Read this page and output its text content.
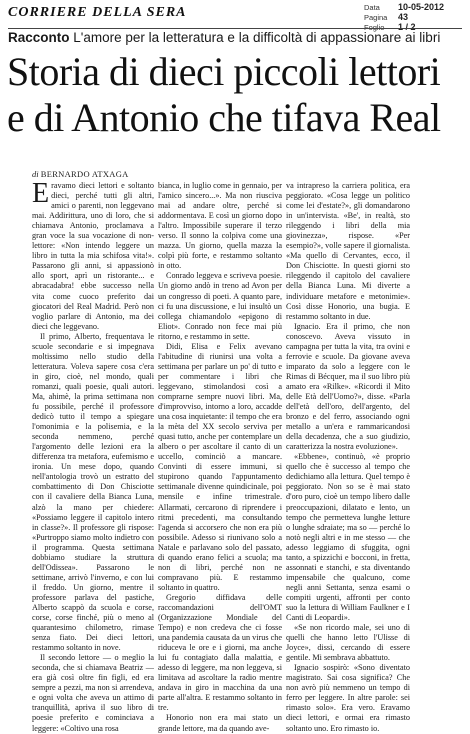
CORRIERE DELLA SERA	Data	10-05-2012
Pagina	43
Foglio	1 / 2
Racconto L'amore per la letteratura e la difficoltà di appassionare ai libri
Storia di dieci piccoli lettori
e di Antonio che tifava Real
di BERNARDO ATXAGA

Eravamo dieci lettori e soltanto dieci, perché tutti gli altri, amici o parenti, non leggevano mai. Addirittura, uno di loro, che si chiamava Antonio, proclamava a gran voce la sua vocazione di non-lettore: «Non intendo leggere un libro in tutta la mia schifosa vita!». Passarono gli anni, si appassionò allo sport, aprì un ristorante... e abracadabra! ebbe successo nella vita come cuoco preferito dai giocatori del Real Madrid. Però non voglio parlare di Antonio, ma dei dieci che leggevano.

Il primo, Alberto, frequentava le scuole secondarie e si impegnava moltissimo nello studio della letteratura. Voleva sapere cosa c'era in giro, cioè, nel mondo, quali romanzi, quali poesie, quali autori. Ma, ahimè, la prima settimana non fu possibile, perché il professore dedicò tutto il tempo a spiegare l'omonimia e la polisemia, e la seconda nemmeno, perché l'argomento delle lezioni era la differenza tra metafora, eufemismo e ironia. Un mese dopo, quando nell'antologia trovò un estratto del combattimento di Don Chisciotte con il cavaliere della Bianca Luna, alzò la mano per chiedere: «Possiamo leggere il capitolo intero in classe?». Il professore gli rispose: «Purtroppo siamo molto indietro con il programma. Questa settimana dobbiamo studiare la struttura dell'Odissea». Passarono le settimane, arrivò l'inverno, e con lui il freddo. Un giorno, mentre il professore parlava del pastiche, Alberto scappò da scuola e corse, corse, corse finché, più o meno al quarantesimo chilometro, rimase senza fiato. Dei dieci lettori, restammo soltanto in nove.

Il secondo lettore — o meglio la seconda, che si chiamava Beatriz — era già così oltre fin figli, ed era sempre a pezzi, ma non si arrendeva, e ogni volta che aveva un attimo di tranquillità, apriva il suo libro di poesie preferito e cominciava a leggere: «Coltivo una rosa

bianca, in luglio come in gennaio, per l'amico sincero...». Ma non riusciva mai ad andare oltre, perché si addormentava. E così un giorno dopo l'altro. Impossibile superare il terzo verso. Il sonno la colpiva come una mazza. Un giorno, quella mazza la colpì più forte, e restammo soltanto in otto.

Conrado leggeva e scriveva poesie. Un giorno andò in treno ad Avon per un congresso di poeti. A quanto pare, ci fu una discussione, e lui insultò un collega chiamandolo «epigono di Eliot». Conrado non fece mai più ritorno, e restammo in sette.

Didi, Elisa e Felix avevano l'abitudine di riunirsi una volta a settimana per parlare un po' di tutto e per commentare i libri che leggevano, stimolandosi così a comprarne sempre nuovi libri. Ma, d'improvviso, intorno a loro, accadde una cosa inquietante: il tempo che era la mèta del XX secolo serviva per quasi tutto, anche per contemplare un albero o per ascoltare il canto di un uccello, cominciò a mancare. Convinti di essere immuni, si stupirono quando l'appuntamento settimanale divenne quindicinale, poi mensile e infine trimestrale. Allarmati, cercarono di riprendere i ritmi precedenti, ma consultando l'agenda si accorsero che non era più possibile. Adesso si riunivano solo a Natale e parlavano solo del passato, di quando erano felici a scuola; ma non di libri, perché non ne compravano più. E restammo soltanto in quattro.

Gregorio diffidava delle raccomandazioni dell'OMT (Organizzazione Mondiale del Tempo) e non credeva che ci fosse una pandemia causata da un virus che riduceva le ore e i giorni, ma anche lui fu contagiato dalla malattia, e adesso di leggere, ma non leggeva, si limitava ad ascoltare la radio mentre andava in giro in macchina da una parte all'altra. E restammo soltanto in tre.

Honorio non era mai stato un grande lettore, ma da quando ave-

va intrapreso la carriera politica, era peggiorato. «Cosa legge un politico come lei d'estate?», gli domandarono in un'intervista. «Be', in realtà, sto rileggendo i libri della mia giovinezza», rispose. «Per esempio?», volle sapere il giornalista. «Ma quello di Cervantes, ecco, il Don Chisciotte. In questi giorni sto rileggendo il capitolo del cavaliere della Bianca Luna. Mi diverte a individuare metafore e metonimie». Così disse Honorio, una bugia. E restammo soltanto in due.

Ignacio. Era il primo, che non conoscevo. Aveva vissuto in campagna per tutta la vita, tra ovini e ferrovie e scuole. Da giovane aveva imparato da solo a leggere con le Rimas di Bécquer, ma il suo libro più amato era «Rilke». «Ricordi il Mito delle Età dell'Uomo?», disse. «Parla dell'età dell'oro, dell'argento, del bronzo e del ferro, associando ogni metallo a un'era e rammaricandosi della decadenza, che a suo giudizio, caratterizza la nostra evoluzione».

«Ebbene», continuò, «è proprio quello che è successo al tempo che dedichiamo alla lettura. Quel tempo è peggiorato. Non so se è mai stato d'oro puro, cioè un tempo libero dalle preoccupazioni, dilatato e lento, un tempo che permetteva lunghe letture o lunghe sdraiate; ma so — perché lo notò negli altri e in me stesso — che adesso leggiamo di sfuggita, ogni tanto, a spizzichi e bocconi, in fretta, assonnati e stanchi, e sta diventando impensabile che qualcuno, come negli anni Settanta, senza esami o compiti urgenti, affronti per conto suo la lettura di William Faulkner e I Canti di Leopardi».

«Se non ricordo male, sei uno di quelli che hanno letto l'Ulisse di Joyce», dissi, cercando di essere gentile. Mi sembrava abbattuto.

Ignacio sospirò: «Sono diventato magistrato. Sai cosa significa? Che non avrò più nemmeno un tempo di ferro per leggere. In altre parole: sei rimasto solo». Era vero. Eravamo dieci lettori, e ormai era rimasto soltanto uno. Ero rimasto io.
